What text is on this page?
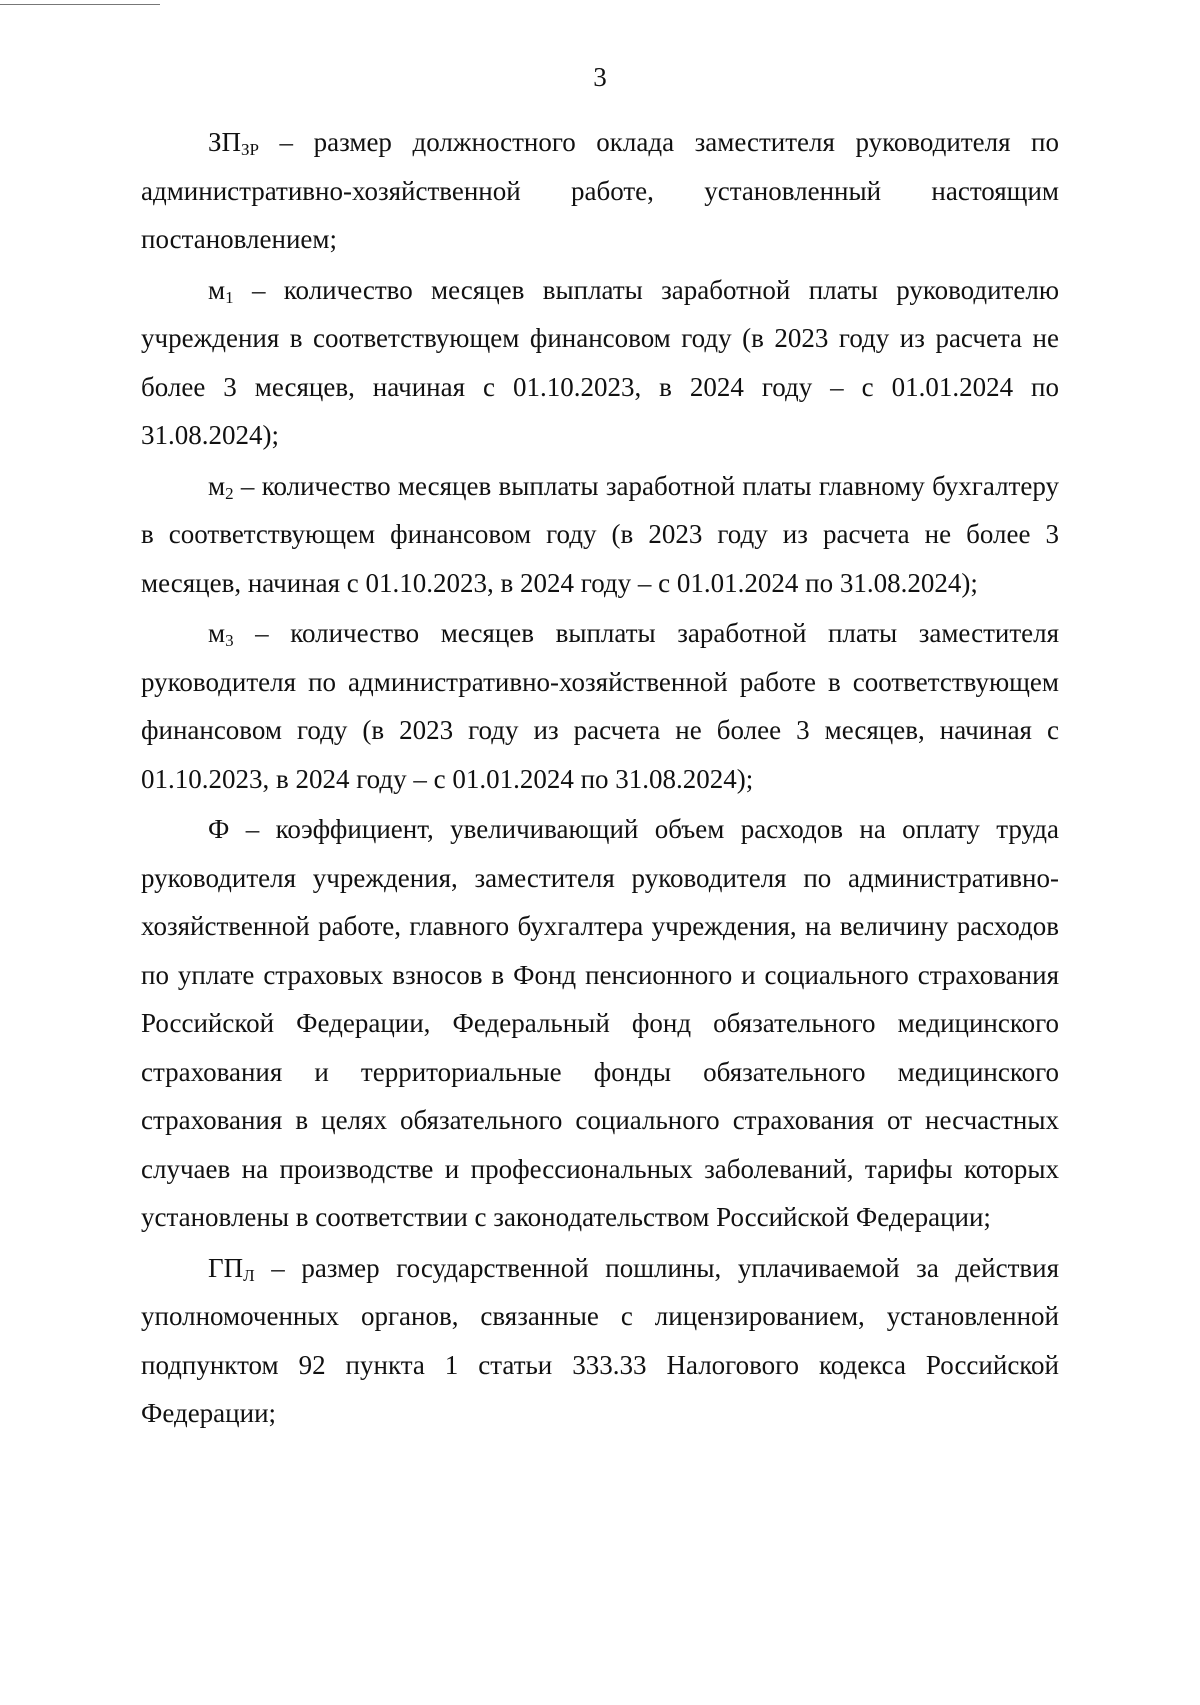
3

$ЗП_{ЗР}$ – размер должностного оклада заместителя руководителя по административно-хозяйственной работе, установленный настоящим постановлением;

$м_1$ – количество месяцев выплаты заработной платы руководителю учреждения в соответствующем финансовом году (в 2023 году из расчета не более 3 месяцев, начиная с 01.10.2023, в 2024 году – с 01.01.2024 по 31.08.2024);

$м_2$ – количество месяцев выплаты заработной платы главному бухгалтеру в соответствующем финансовом году (в 2023 году из расчета не более 3 месяцев, начиная с 01.10.2023, в 2024 году – с 01.01.2024 по 31.08.2024);

$м_3$ – количество месяцев выплаты заработной платы заместителя руководителя по административно-хозяйственной работе в соответствующем финансовом году (в 2023 году из расчета не более 3 месяцев, начиная с 01.10.2023, в 2024 году – с 01.01.2024 по 31.08.2024);

Ф – коэффициент, увеличивающий объем расходов на оплату труда руководителя учреждения, заместителя руководителя по административно-хозяйственной работе, главного бухгалтера учреждения, на величину расходов по уплате страховых взносов в Фонд пенсионного и социального страхования Российской Федерации, Федеральный фонд обязательного медицинского страхования и территориальные фонды обязательного медицинского страхования в целях обязательного социального страхования от несчастных случаев на производстве и профессиональных заболеваний, тарифы которых установлены в соответствии с законодательством Российской Федерации;

$ГП_Л$ – размер государственной пошлины, уплачиваемой за действия уполномоченных органов, связанные с лицензированием, установленной подпунктом 92 пункта 1 статьи 333.33 Налогового кодекса Российской Федерации;
